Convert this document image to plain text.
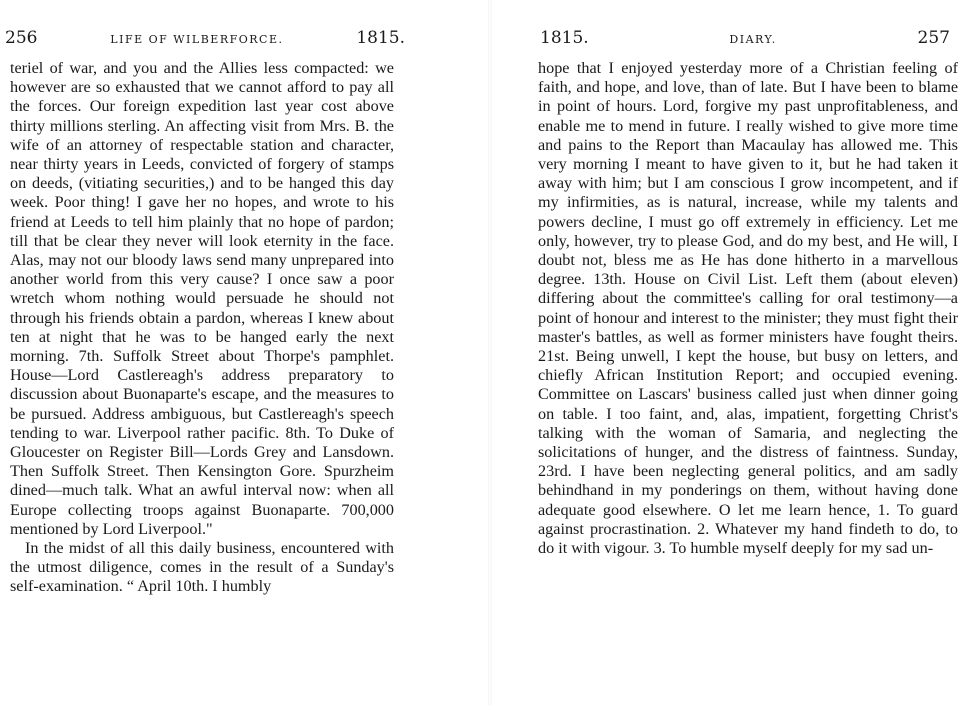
256	LIFE OF WILBERFORCE.	1815.

teriel of war, and you and the Allies less compacted: we however are so exhausted that we cannot afford to pay all the forces. Our foreign expedition last year cost above thirty millions sterling. An affecting visit from Mrs. B. the wife of an attorney of respectable station and character, near thirty years in Leeds, convicted of forgery of stamps on deeds, (vitiating securities,) and to be hanged this day week. Poor thing! I gave her no hopes, and wrote to his friend at Leeds to tell him plainly that no hope of pardon; till that be clear they never will look eternity in the face. Alas, may not our bloody laws send many unprepared into another world from this very cause? I once saw a poor wretch whom nothing would persuade he should not through his friends obtain a pardon, whereas I knew about ten at night that he was to be hanged early the next morning. 7th. Suffolk Street about Thorpe's pamphlet. House—Lord Castlereagh's address preparatory to discussion about Buonaparte's escape, and the measures to be pursued. Address ambiguous, but Castlereagh's speech tending to war. Liverpool rather pacific. 8th. To Duke of Gloucester on Register Bill—Lords Grey and Lansdown. Then Suffolk Street. Then Kensington Gore. Spurzheim dined—much talk. What an awful interval now: when all Europe collecting troops against Buonaparte. 700,000 mentioned by Lord Liverpool."

In the midst of all this daily business, encountered with the utmost diligence, comes in the result of a Sunday's self-examination. “ April 10th. I humbly

1815.	DIARY.	257

hope that I enjoyed yesterday more of a Christian feeling of faith, and hope, and love, than of late. But I have been to blame in point of hours. Lord, forgive my past unprofitableness, and enable me to mend in future. I really wished to give more time and pains to the Report than Macaulay has allowed me. This very morning I meant to have given to it, but he had taken it away with him; but I am conscious I grow incompetent, and if my infirmities, as is natural, increase, while my talents and powers decline, I must go off extremely in efficiency. Let me only, however, try to please God, and do my best, and He will, I doubt not, bless me as He has done hitherto in a marvellous degree. 13th. House on Civil List. Left them (about eleven) differing about the committee's calling for oral testimony—a point of honour and interest to the minister; they must fight their master's battles, as well as former ministers have fought theirs. 21st. Being unwell, I kept the house, but busy on letters, and chiefly African Institution Report; and occupied evening. Committee on Lascars' business called just when dinner going on table. I too faint, and, alas, impatient, forgetting Christ's talking with the woman of Samaria, and neglecting the solicitations of hunger, and the distress of faintness. Sunday, 23rd. I have been neglecting general politics, and am sadly behindhand in my ponderings on them, without having done adequate good elsewhere. O let me learn hence, 1. To guard against procrastination. 2. Whatever my hand findeth to do, to do it with vigour. 3. To humble myself deeply for my sad un-
